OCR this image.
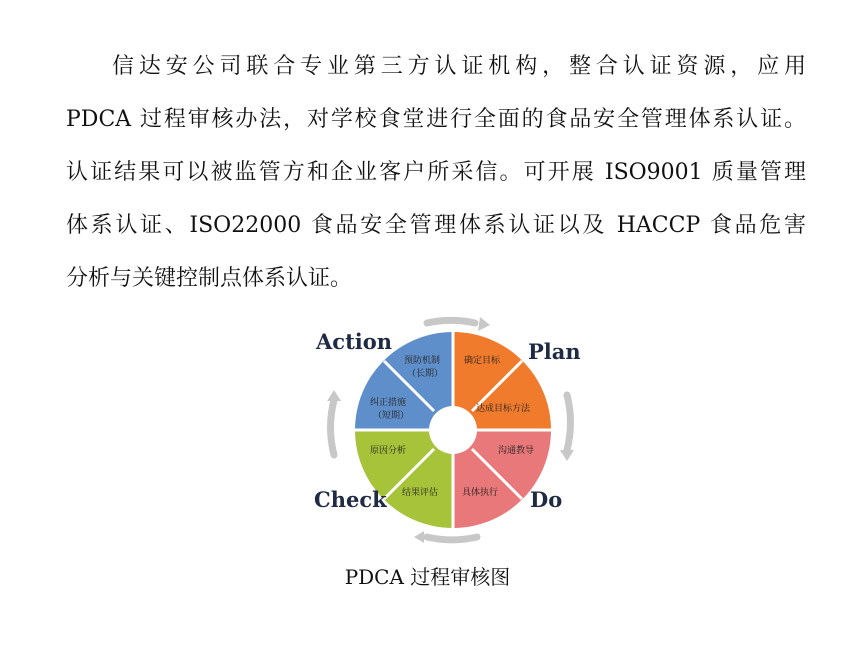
信达安公司联合专业第三方认证机构，整合认证资源，应用
PDCA 过程审核办法，对学校食堂进行全面的食品安全管理体系认证。
认证结果可以被监管方和企业客户所采信。可开展 ISO9001 质量管理
体系认证、ISO22000 食品安全管理体系认证以及 HACCP 食品危害
分析与关键控制点体系认证。
确定目标
达成目标方法
沟通教导
具体执行
原因分析
结果评估
预防机制
（长期）
纠正措施
（短期）
Action	Plan
Check	Do
PDCA 过程审核图
